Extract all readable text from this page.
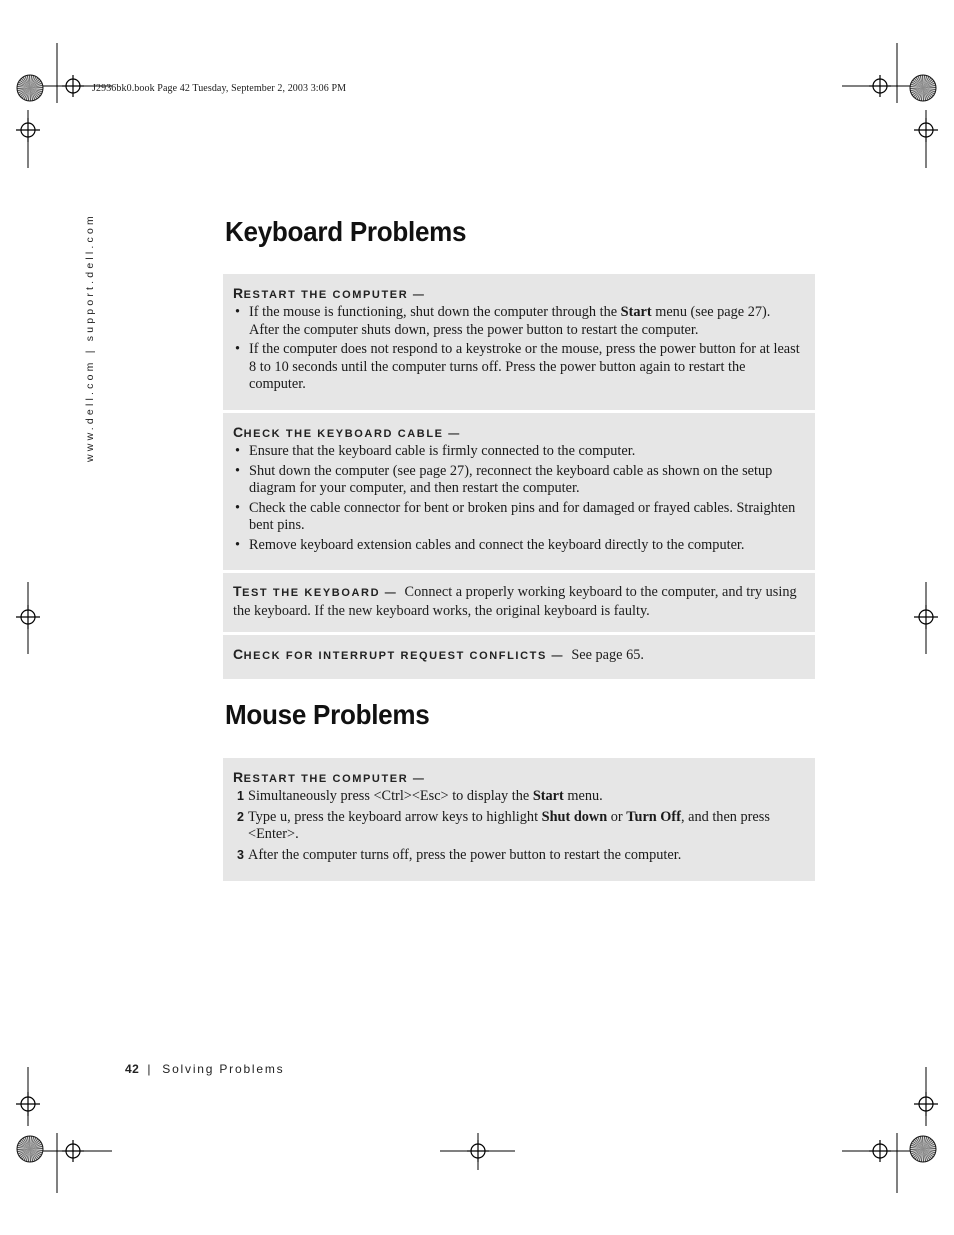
J2936bk0.book Page 42 Tuesday, September 2, 2003 3:06 PM
www.dell.com | support.dell.com	Keyboard Problems
RESTART THE COMPUTER —
• If the mouse is functioning, shut down the computer through the Start menu (see page 27). After the computer shuts down, press the power button to restart the computer.
• If the computer does not respond to a keystroke or the mouse, press the power button for at least 8 to 10 seconds until the computer turns off. Press the power button again to restart the computer.
CHECK THE KEYBOARD CABLE —
• Ensure that the keyboard cable is firmly connected to the computer.
• Shut down the computer (see page 27), reconnect the keyboard cable as shown on the setup diagram for your computer, and then restart the computer.
• Check the cable connector for bent or broken pins and for damaged or frayed cables. Straighten bent pins.
• Remove keyboard extension cables and connect the keyboard directly to the computer.
TEST THE KEYBOARD — Connect a properly working keyboard to the computer, and try using the keyboard. If the new keyboard works, the original keyboard is faulty.
CHECK FOR INTERRUPT REQUEST CONFLICTS — See page 65.
Mouse Problems
RESTART THE COMPUTER —
1 Simultaneously press <Ctrl><Esc> to display the Start menu.
2 Type u, press the keyboard arrow keys to highlight Shut down or Turn Off, and then press <Enter>.
3 After the computer turns off, press the power button to restart the computer.
42 | Solving Problems
